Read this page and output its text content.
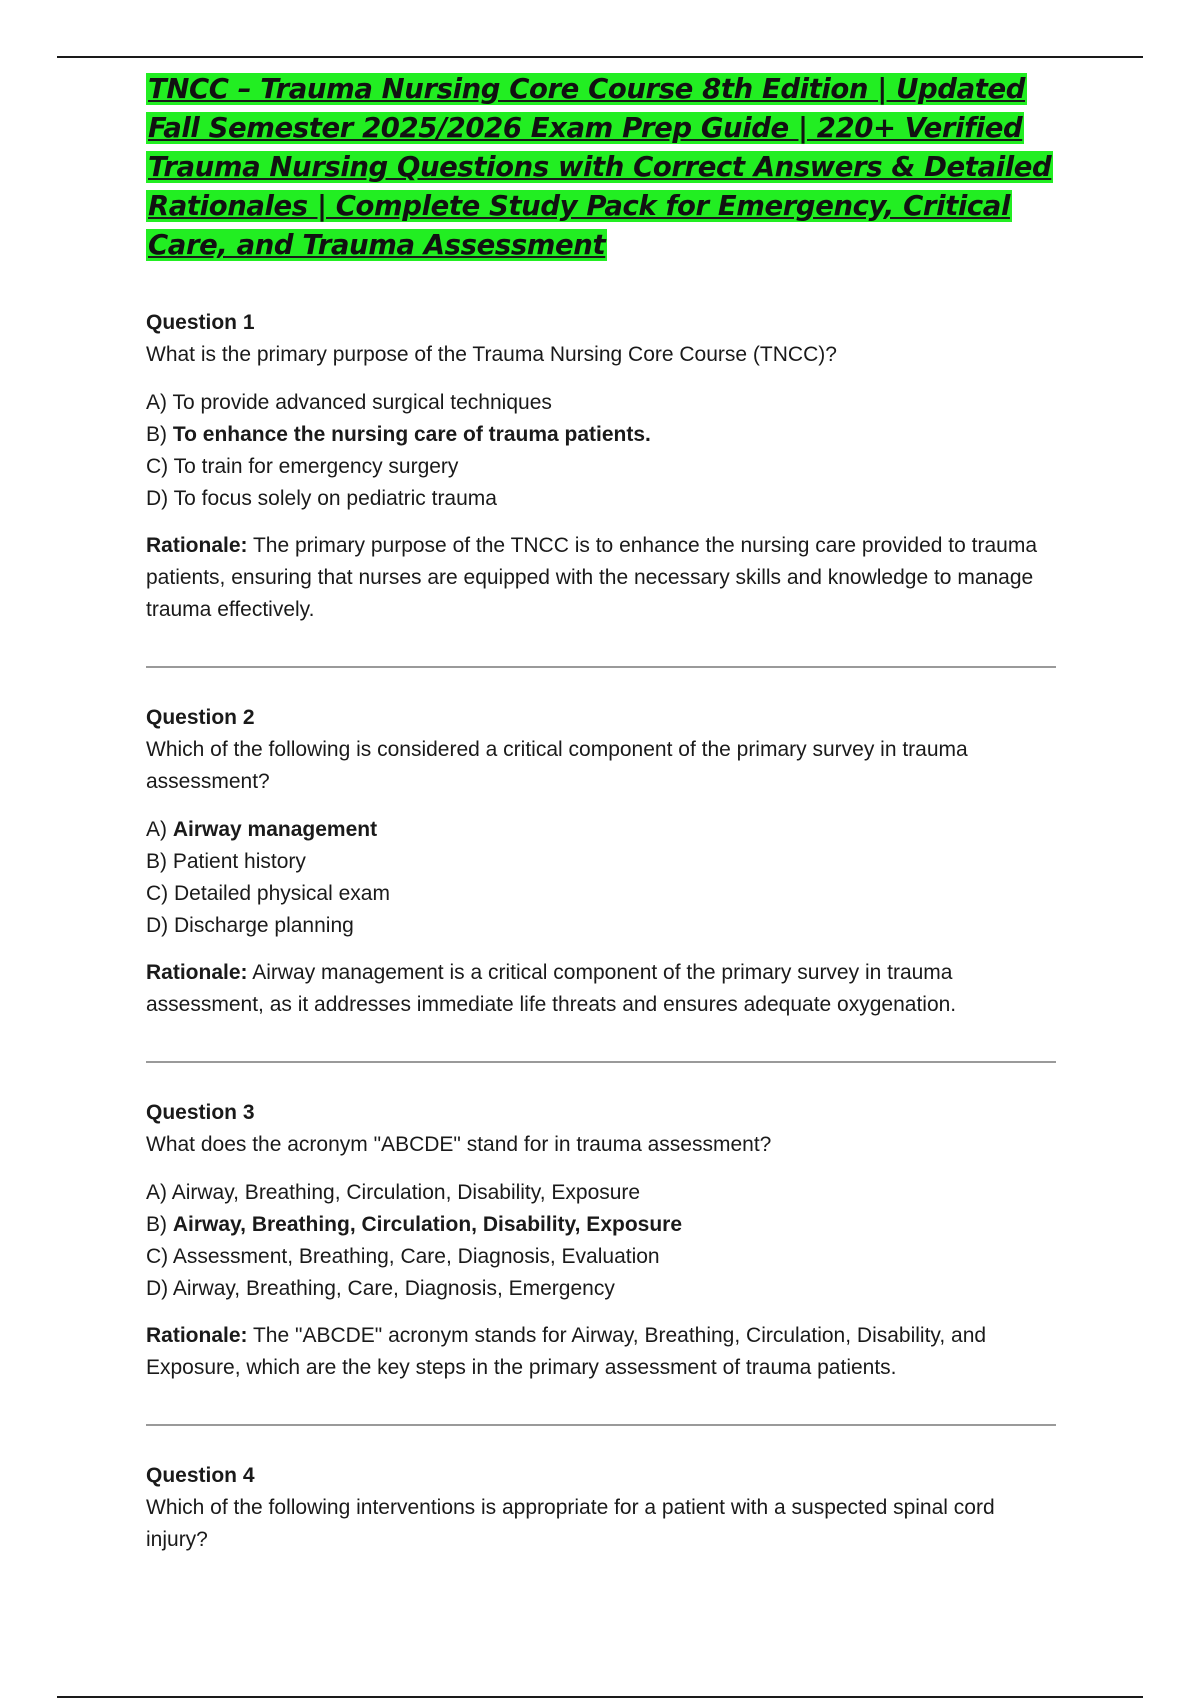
TNCC – Trauma Nursing Core Course 8th Edition | Updated Fall Semester 2025/2026 Exam Prep Guide | 220+ Verified Trauma Nursing Questions with Correct Answers & Detailed Rationales | Complete Study Pack for Emergency, Critical Care, and Trauma Assessment

Question 1

What is the primary purpose of the Trauma Nursing Core Course (TNCC)?

A) To provide advanced surgical techniques
B) To enhance the nursing care of trauma patients.
C) To train for emergency surgery
D) To focus solely on pediatric trauma

Rationale: The primary purpose of the TNCC is to enhance the nursing care provided to trauma patients, ensuring that nurses are equipped with the necessary skills and knowledge to manage trauma effectively.

Question 2

Which of the following is considered a critical component of the primary survey in trauma assessment?

A) Airway management
B) Patient history
C) Detailed physical exam
D) Discharge planning

Rationale: Airway management is a critical component of the primary survey in trauma assessment, as it addresses immediate life threats and ensures adequate oxygenation.

Question 3

What does the acronym "ABCDE" stand for in trauma assessment?

A) Airway, Breathing, Circulation, Disability, Exposure
B) Airway, Breathing, Circulation, Disability, Exposure
C) Assessment, Breathing, Care, Diagnosis, Evaluation
D) Airway, Breathing, Care, Diagnosis, Emergency

Rationale: The "ABCDE" acronym stands for Airway, Breathing, Circulation, Disability, and Exposure, which are the key steps in the primary assessment of trauma patients.

Question 4

Which of the following interventions is appropriate for a patient with a suspected spinal cord injury?
